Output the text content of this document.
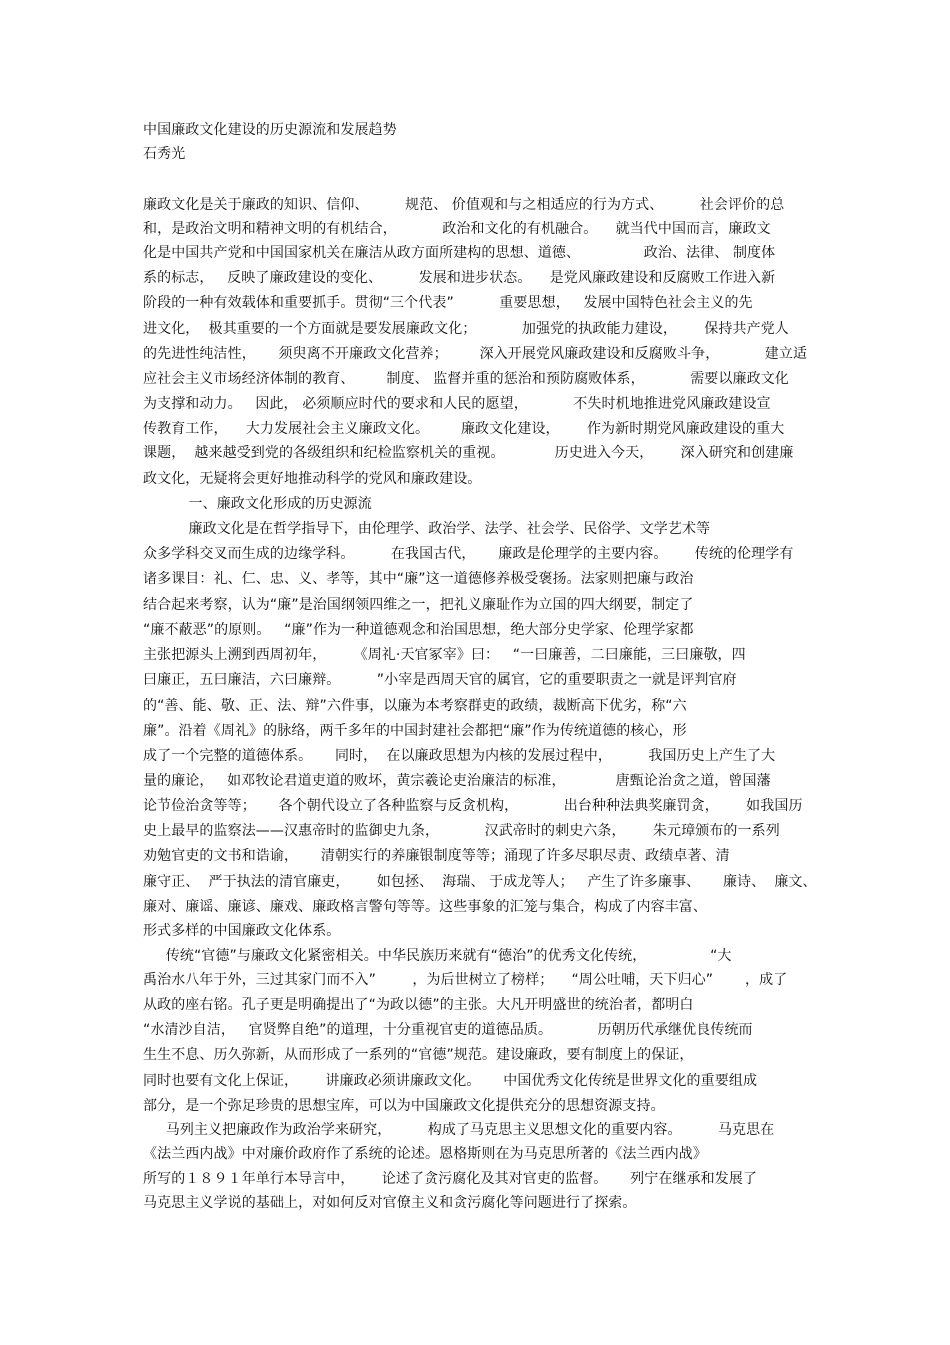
中国廉政文化建设的历史源流和发展趋势
石秀光
廉政文化是关于廉政的知识、信仰、        规范、 价值观和与之相适应的行为方式、        社会评价的总
和，是政治文明和精神文明的有机结合，          政治和文化的有机融合。    就当代中国而言，廉政文
化是中国共产党和中国国家机关在廉洁从政方面所建构的思想、道德、              政治、法律、 制度体
系的标志，   反映了廉政建设的变化、        发展和进步状态。    是党风廉政建设和反腐败工作进入新
阶段的一种有效载体和重要抓手。贯彻“三个代表”          重要思想，   发展中国特色社会主义的先
进文化，  极其重要的一个方面就是要发展廉政文化；          加强党的执政能力建设，      保持共产党人
的先进性纯洁性，     须臾离不开廉政文化营养；       深入开展党风廉政建设和反腐败斗争，          建立适
应社会主义市场经济体制的教育、       制度、 监督并重的惩治和预防腐败体系，          需要以廉政文化
为支撑和动力。   因此， 必须顺应时代的要求和人民的愿望，          不失时机地推进党风廉政建设宣
传教育工作，    大力发展社会主义廉政文化。       廉政文化建设，      作为新时期党风廉政建设的重大
课题，  越来越受到党的各级组织和纪检监察机关的重视。           历史进入今天，      深入研究和创建廉
政文化，无疑将会更好地推动科学的党风和廉政建设。
一、廉政文化形成的历史源流
廉政文化是在哲学指导下，由伦理学、政治学、法学、社会学、民俗学、文学艺术等
众多学科交叉而生成的边缘学科。        在我国古代，     廉政是伦理学的主要内容。      传统的伦理学有
诸多课目：礼、仁、忠、义、孝等，其中“廉”这一道德修养极受褒扬。法家则把廉与政治
结合起来考察，认为“廉”是治国纲领四维之一，把礼义廉耻作为立国的四大纲要，制定了
“廉不蔽恶”的原则。   “廉”作为一种道德观念和治国思想，绝大部分史学家、伦理学家都
主张把源头上溯到西周初年，      《周礼·天官冢宰》曰：   “一曰廉善，二曰廉能，三曰廉敬，四
曰廉正，五曰廉洁，六曰廉辩。        ”小宰是西周天官的属官，它的重要职责之一就是评判官府
的“善、能、敬、正、法、辩”六件事，以廉为本考察群吏的政绩，裁断高下优劣，称“六
廉”。沿着《周礼》的脉络，两千多年的中国封建社会都把“廉”作为传统道德的核心，形
成了一个完整的道德体系。     同时，  在以廉政思想为内核的发展过程中，        我国历史上产生了大
量的廉论，   如邓牧论君道吏道的败坏，黄宗羲论吏治廉洁的标准，           唐甄论治贪之道，曾国藩
论节俭治贪等等；     各个朝代设立了各种监察与反贪机构，          出台种种法典奖廉罚贪，      如我国历
史上最早的监察法——汉惠帝时的监御史九条，          汉武帝时的刺史六条，      朱元璋颁布的一系列
劝勉官吏的文书和诰谕，     清朝实行的养廉银制度等等；涌现了许多尽职尽责、政绩卓著、清
廉守正、  严于执法的清官廉吏，      如包拯、  海瑞、 于成龙等人；   产生了许多廉事、     廉诗、  廉文、
廉对、廉谣、廉谚、廉戏、廉政格言警句等等。这些事象的汇笼与集合，构成了内容丰富、
形式多样的中国廉政文化体系。
传统“官德”与廉政文化紧密相关。中华民族历来就有“德治”的优秀文化传统，              “大
禹治水八年于外，三过其家门而不入”        ，为后世树立了榜样；    “周公吐哺，天下归心”       ，成了
从政的座右铭。孔子更是明确提出了“为政以德”的主张。大凡开明盛世的统治者，都明白
“水清沙自洁，   官贤弊自绝”的道理，十分重视官吏的道德品质。          历朝历代承继优良传统而
生生不息、历久弥新，从而形成了一系列的“官德”规范。建设廉政，要有制度上的保证，
同时也要有文化上保证，      讲廉政必须讲廉政文化。     中国优秀文化传统是世界文化的重要组成
部分，是一个弥足珍贵的思想宝库，可以为中国廉政文化提供充分的思想资源支持。
马列主义把廉政作为政治学来研究，        构成了马克思主义思想文化的重要内容。        马克思在
《法兰西内战》中对廉价政府作了系统的论述。恩格斯则在为马克思所著的《法兰西内战》
所写的１８９１年单行本导言中，      论述了贪污腐化及其对官吏的监督。     列宁在继承和发展了
马克思主义学说的基础上，对如何反对官僚主义和贪污腐化等问题进行了探索。
